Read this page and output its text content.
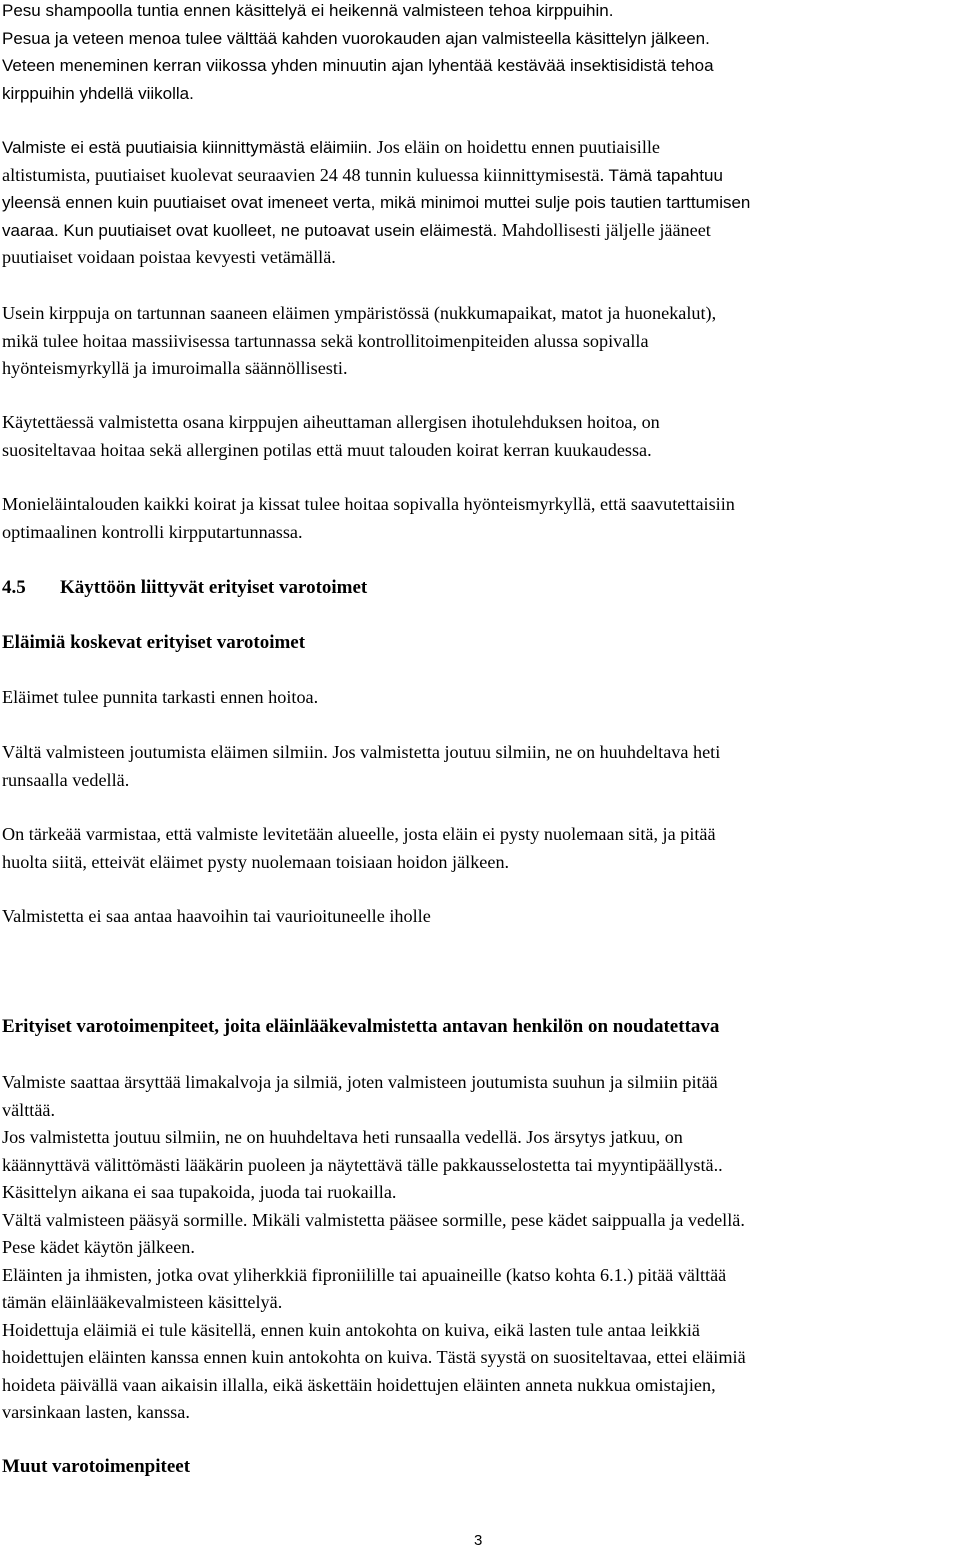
Pesu shampoolla tuntia ennen käsittelyä ei heikennä valmisteen tehoa kirppuihin.
Pesua ja veteen menoa tulee välttää kahden vuorokauden ajan valmisteella käsittelyn jälkeen.
Veteen meneminen kerran viikossa yhden minuutin ajan lyhentää kestävää insektisidistä tehoa
kirppuihin yhdellä viikolla.
Valmiste ei estä puutiaisia kiinnittymästä eläimiin. Jos eläin on hoidettu ennen puutiaisille
altistumista, puutiaiset kuolevat seuraavien 24 48 tunnin kuluessa kiinnittymisestä. Tämä tapahtuu
yleensä ennen kuin puutiaiset ovat imeneet verta, mikä minimoi muttei sulje pois tautien tarttumisen
vaaraa. Kun puutiaiset ovat kuolleet, ne putoavat usein eläimestä. Mahdollisesti jäljelle jääneet
puutiaiset voidaan poistaa kevyesti vetämällä.
Usein kirppuja on tartunnan saaneen eläimen ympäristössä (nukkumapaikat, matot ja huonekalut),
mikä tulee hoitaa massiivisessa tartunnassa sekä kontrollitoimenpiteiden alussa sopivalla
hyönteismyrkyllä ja imuroimalla säännöllisesti.
Käytettäessä valmistetta osana kirppujen aiheuttaman allergisen ihotulehduksen hoitoa, on
suositeltavaa hoitaa sekä allerginen potilas että muut talouden koirat kerran kuukaudessa.
Monieläintalouden kaikki koirat ja kissat tulee hoitaa sopivalla hyönteismyrkyllä, että saavutettaisiin
optimaalinen kontrolli kirpputartunnassa.
4.5 Käyttöön liittyvät erityiset varotoimet
Eläimiä koskevat erityiset varotoimet
Eläimet tulee punnita tarkasti ennen hoitoa.
Vältä valmisteen joutumista eläimen silmiin. Jos valmistetta joutuu silmiin, ne on huuhdeltava heti
runsaalla vedellä.
On tärkeää varmistaa, että valmiste levitetään alueelle, josta eläin ei pysty nuolemaan sitä, ja pitää
huolta siitä, etteivät eläimet pysty nuolemaan toisiaan hoidon jälkeen.
Valmistetta ei saa antaa haavoihin tai vaurioituneelle iholle
Erityiset varotoimenpiteet, joita eläinlääkevalmistetta antavan henkilön on noudatettava
Valmiste saattaa ärsyttää limakalvoja ja silmiä, joten valmisteen joutumista suuhun ja silmiin pitää
välttää.
Jos valmistetta joutuu silmiin, ne on huuhdeltava heti runsaalla vedellä. Jos ärsytys jatkuu, on
käännyttävä välittömästi lääkärin puoleen ja näytettävä tälle pakkausselostetta tai myyntipäällystä..
Käsittelyn aikana ei saa tupakoida, juoda tai ruokailla.
Vältä valmisteen pääsyä sormille. Mikäli valmistetta pääsee sormille, pese kädet saippualla ja vedellä.
Pese kädet käytön jälkeen.
Eläinten ja ihmisten, jotka ovat yliherkkiä fiproniilille tai apuaineille (katso kohta 6.1.) pitää välttää
tämän eläinlääkevalmisteen käsittelyä.
Hoidettuja eläimiä ei tule käsitellä, ennen kuin antokohta on kuiva, eikä lasten tule antaa leikkiä
hoidettujen eläinten kanssa ennen kuin antokohta on kuiva. Tästä syystä on suositeltavaa, ettei eläimiä
hoideta päivällä vaan aikaisin illalla, eikä äskettäin hoidettujen eläinten anneta nukkua omistajien,
varsinkaan lasten, kanssa.
Muut varotoimenpiteet
3
